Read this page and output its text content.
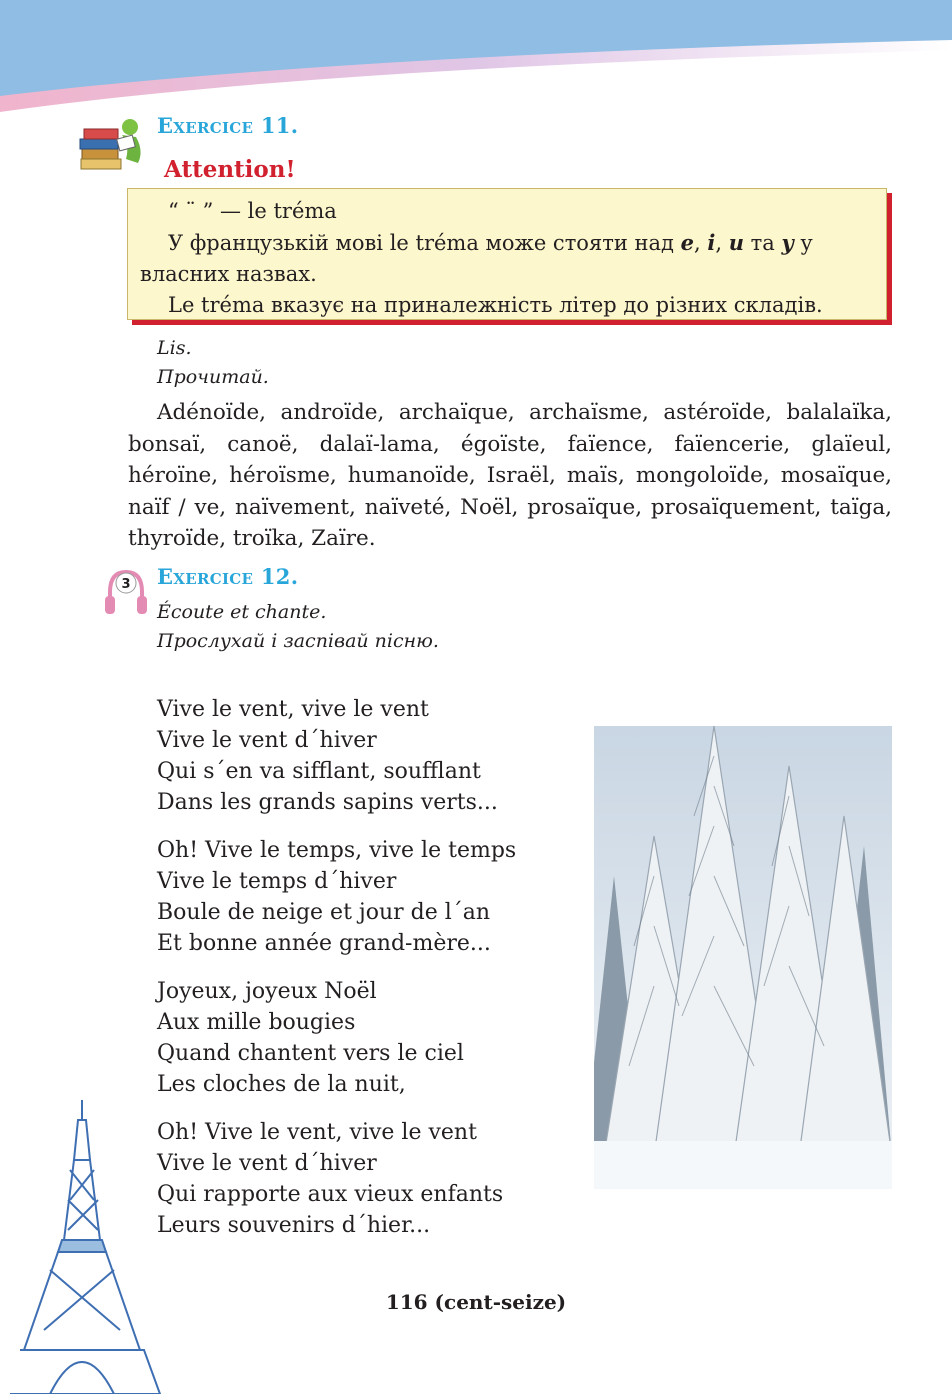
Exercice 11.
Attention!

“ ¨ ” — le tréma

У французькій мові le tréma може стояти над e, i, u та y у власних назвах.

Le tréma вказує на приналежність літер до різних складів.

Lis.
Прочитай.

Adénoïde, androïde, archaïque, archaïsme, astéroïde, balalaïka, bonsaï, canoë, dalaï-lama, égoïste, faïence, faïencerie, glaïeul, héroïne, héroïsme, humanoïde, Israël, maïs, mongoloïde, mosaïque, naïf / ve, naïvement, naïveté, Noël, prosaïque, prosaïquement, taïga, thyroïde, troïka, Zaïre.

3 Exercice 12.
Écoute et chante.
Прослухай і заспівай пісню.
Vive le vent, vive le vent
Vive le vent d´hiver
Qui s´en va sifflant, soufflant
Dans les grands sapins verts...
Oh! Vive le temps, vive le temps
Vive le temps d´hiver
Boule de neige et jour de l´an
Et bonne année grand-mère...
Joyeux, joyeux Noël
Aux mille bougies
Quand chantent vers le ciel
Les cloches de la nuit,
Oh! Vive le vent, vive le vent
Vive le vent d´hiver
Qui rapporte aux vieux enfants
Leurs souvenirs d´hier...
116 (cent-seize)
